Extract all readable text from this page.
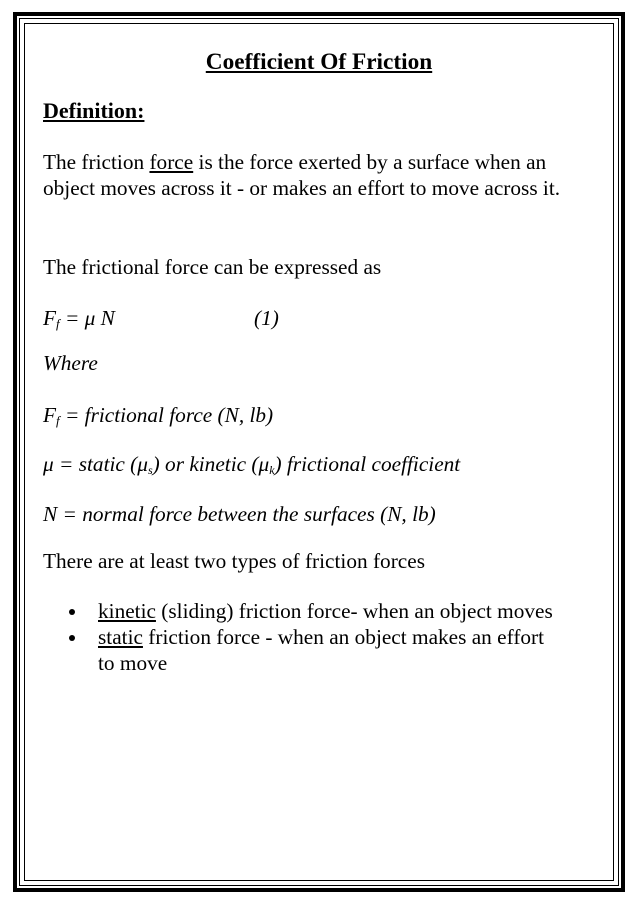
Coefficient Of Friction
Definition:
The friction force is the force exerted by a surface when an object moves across it - or makes an effort to move across it.
The frictional force can be expressed as
$F_f = \mu$ N	(1)
Where
$F_f$ = frictional force (N, lb)
μ = static $(\mu_s)$ or kinetic $(\mu_k)$ frictional coefficient
N = normal force between the surfaces (N, lb)
There are at least two types of friction forces
kinetic (sliding) friction force- when an object moves
static friction force - when an object makes an effort to move
